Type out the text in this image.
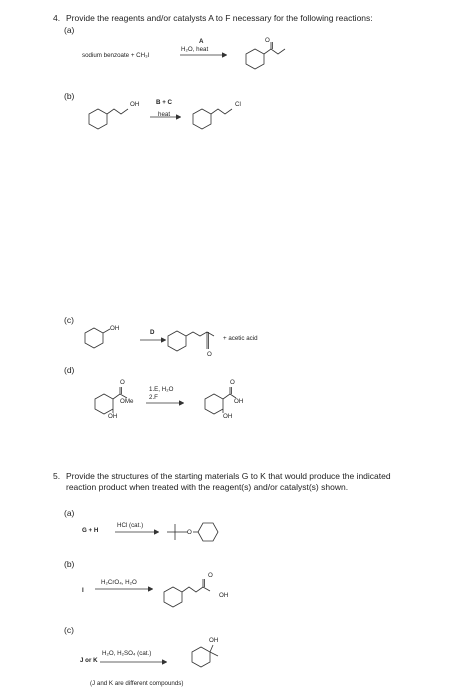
4. Provide the reagents and/or catalysts A to F necessary for the following reactions:
(a)
sodium benzoate + CH₃I
A
H₂O, heat
O
(b)
OH	B + C
heat
Cl
(c)
OH
D
O
+ acetic acid
(d)
O
OMe
OH
1.E, H₂O
2.F
O
OH
OH
5. Provide the structures of the starting materials G to K that would produce the indicated
reaction product when treated with the reagent(s) and/or catalyst(s) shown.
(a)
G + H
HCl (cat.)
O
(b)
I
H₂CrO₄, H₂O
O
OH
(c)
OH
H₂O, H₂SO₄ (cat.)
J or K
(J and K are different compounds)
